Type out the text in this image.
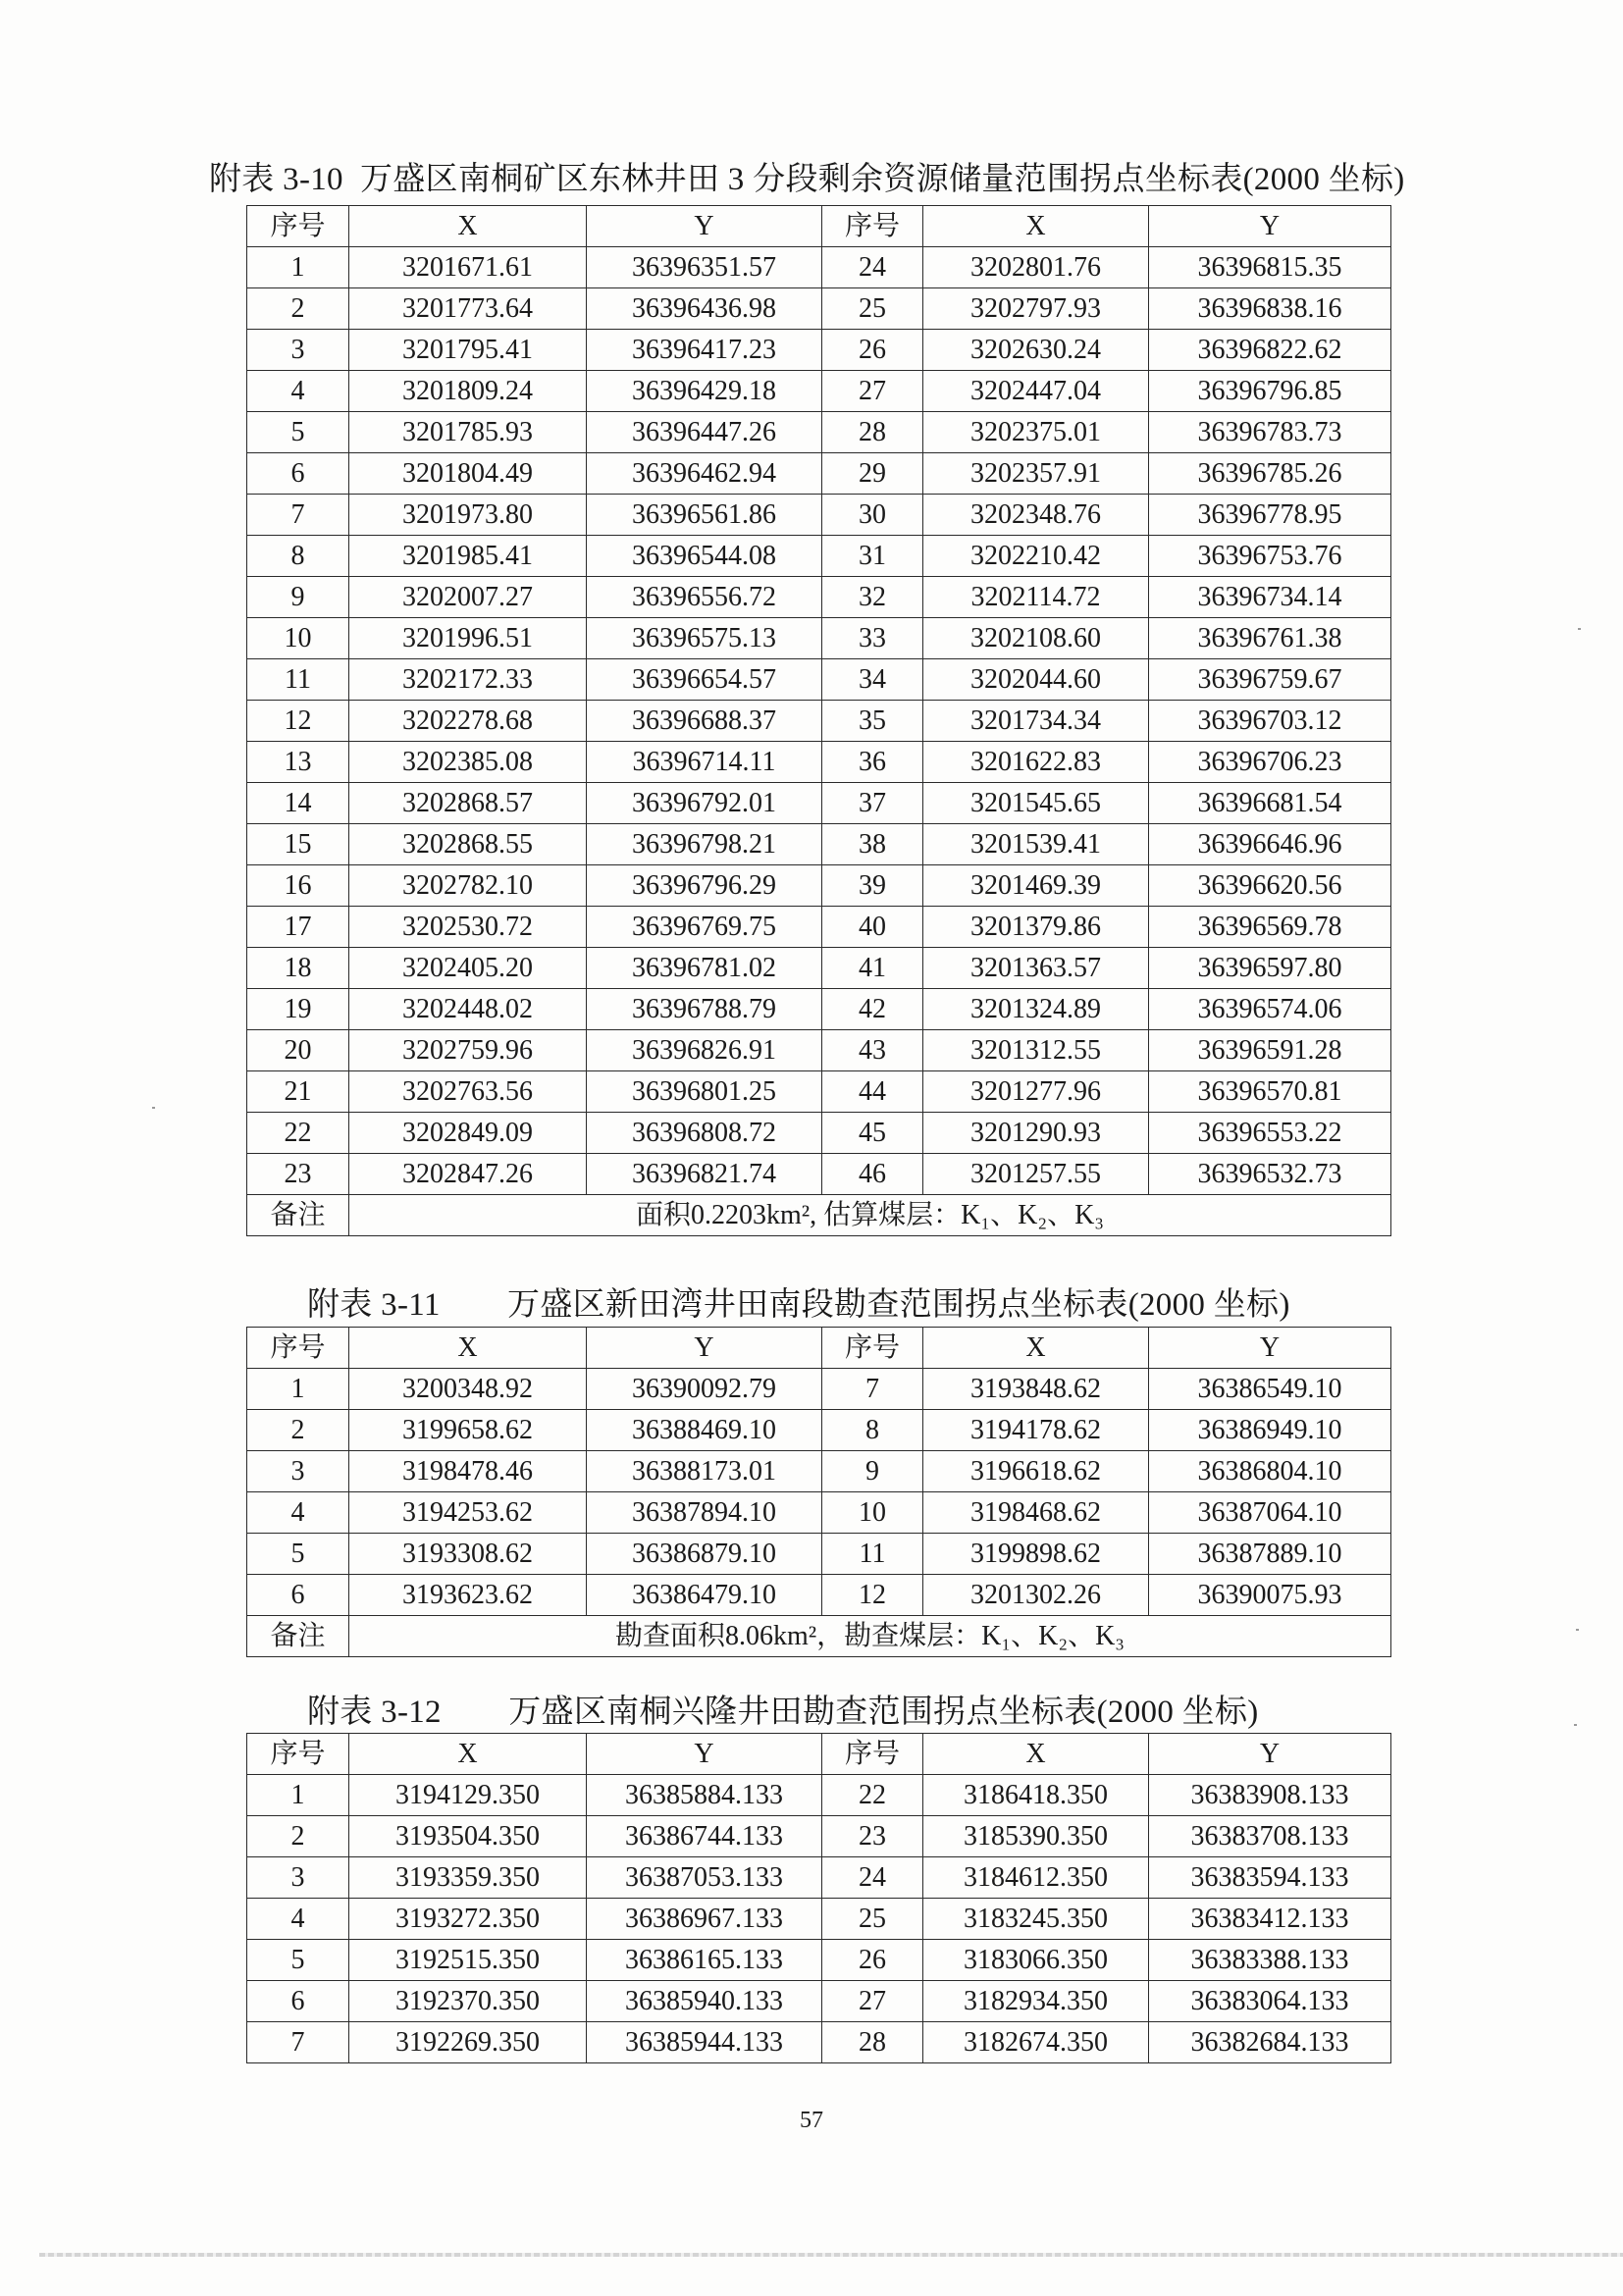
附表 3-10  万盛区南桐矿区东林井田 3 分段剩余资源储量范围拐点坐标表(2000 坐标)
序号	X	Y	序号	X	Y
1	3201671.61	36396351.57	24	3202801.76	36396815.35
2	3201773.64	36396436.98	25	3202797.93	36396838.16
3	3201795.41	36396417.23	26	3202630.24	36396822.62
4	3201809.24	36396429.18	27	3202447.04	36396796.85
5	3201785.93	36396447.26	28	3202375.01	36396783.73
6	3201804.49	36396462.94	29	3202357.91	36396785.26
7	3201973.80	36396561.86	30	3202348.76	36396778.95
8	3201985.41	36396544.08	31	3202210.42	36396753.76
9	3202007.27	36396556.72	32	3202114.72	36396734.14
10	3201996.51	36396575.13	33	3202108.60	36396761.38
11	3202172.33	36396654.57	34	3202044.60	36396759.67
12	3202278.68	36396688.37	35	3201734.34	36396703.12
13	3202385.08	36396714.11	36	3201622.83	36396706.23
14	3202868.57	36396792.01	37	3201545.65	36396681.54
15	3202868.55	36396798.21	38	3201539.41	36396646.96
16	3202782.10	36396796.29	39	3201469.39	36396620.56
17	3202530.72	36396769.75	40	3201379.86	36396569.78
18	3202405.20	36396781.02	41	3201363.57	36396597.80
19	3202448.02	36396788.79	42	3201324.89	36396574.06
20	3202759.96	36396826.91	43	3201312.55	36396591.28
21	3202763.56	36396801.25	44	3201277.96	36396570.81
22	3202849.09	36396808.72	45	3201290.93	36396553.22
23	3202847.26	36396821.74	46	3201257.55	36396532.73
备注	面积0.2203km², 估算煤层：K₁、K₂、K₃				
附表 3-11        万盛区新田湾井田南段勘查范围拐点坐标表(2000 坐标)
序号	X	Y	序号	X	Y
1	3200348.92	36390092.79	7	3193848.62	36386549.10
2	3199658.62	36388469.10	8	3194178.62	36386949.10
3	3198478.46	36388173.01	9	3196618.62	36386804.10
4	3194253.62	36387894.10	10	3198468.62	36387064.10
5	3193308.62	36386879.10	11	3199898.62	36387889.10
6	3193623.62	36386479.10	12	3201302.26	36390075.93
备注	勘查面积8.06km²，勘查煤层：K₁、K₂、K₃				
附表 3-12        万盛区南桐兴隆井田勘查范围拐点坐标表(2000 坐标)
序号	X	Y	序号	X	Y
1	3194129.350	36385884.133	22	3186418.350	36383908.133
2	3193504.350	36386744.133	23	3185390.350	36383708.133
3	3193359.350	36387053.133	24	3184612.350	36383594.133
4	3193272.350	36386967.133	25	3183245.350	36383412.133
5	3192515.350	36386165.133	26	3183066.350	36383388.133
6	3192370.350	36385940.133	27	3182934.350	36383064.133
7	3192269.350	36385944.133	28	3182674.350	36382684.133
57
